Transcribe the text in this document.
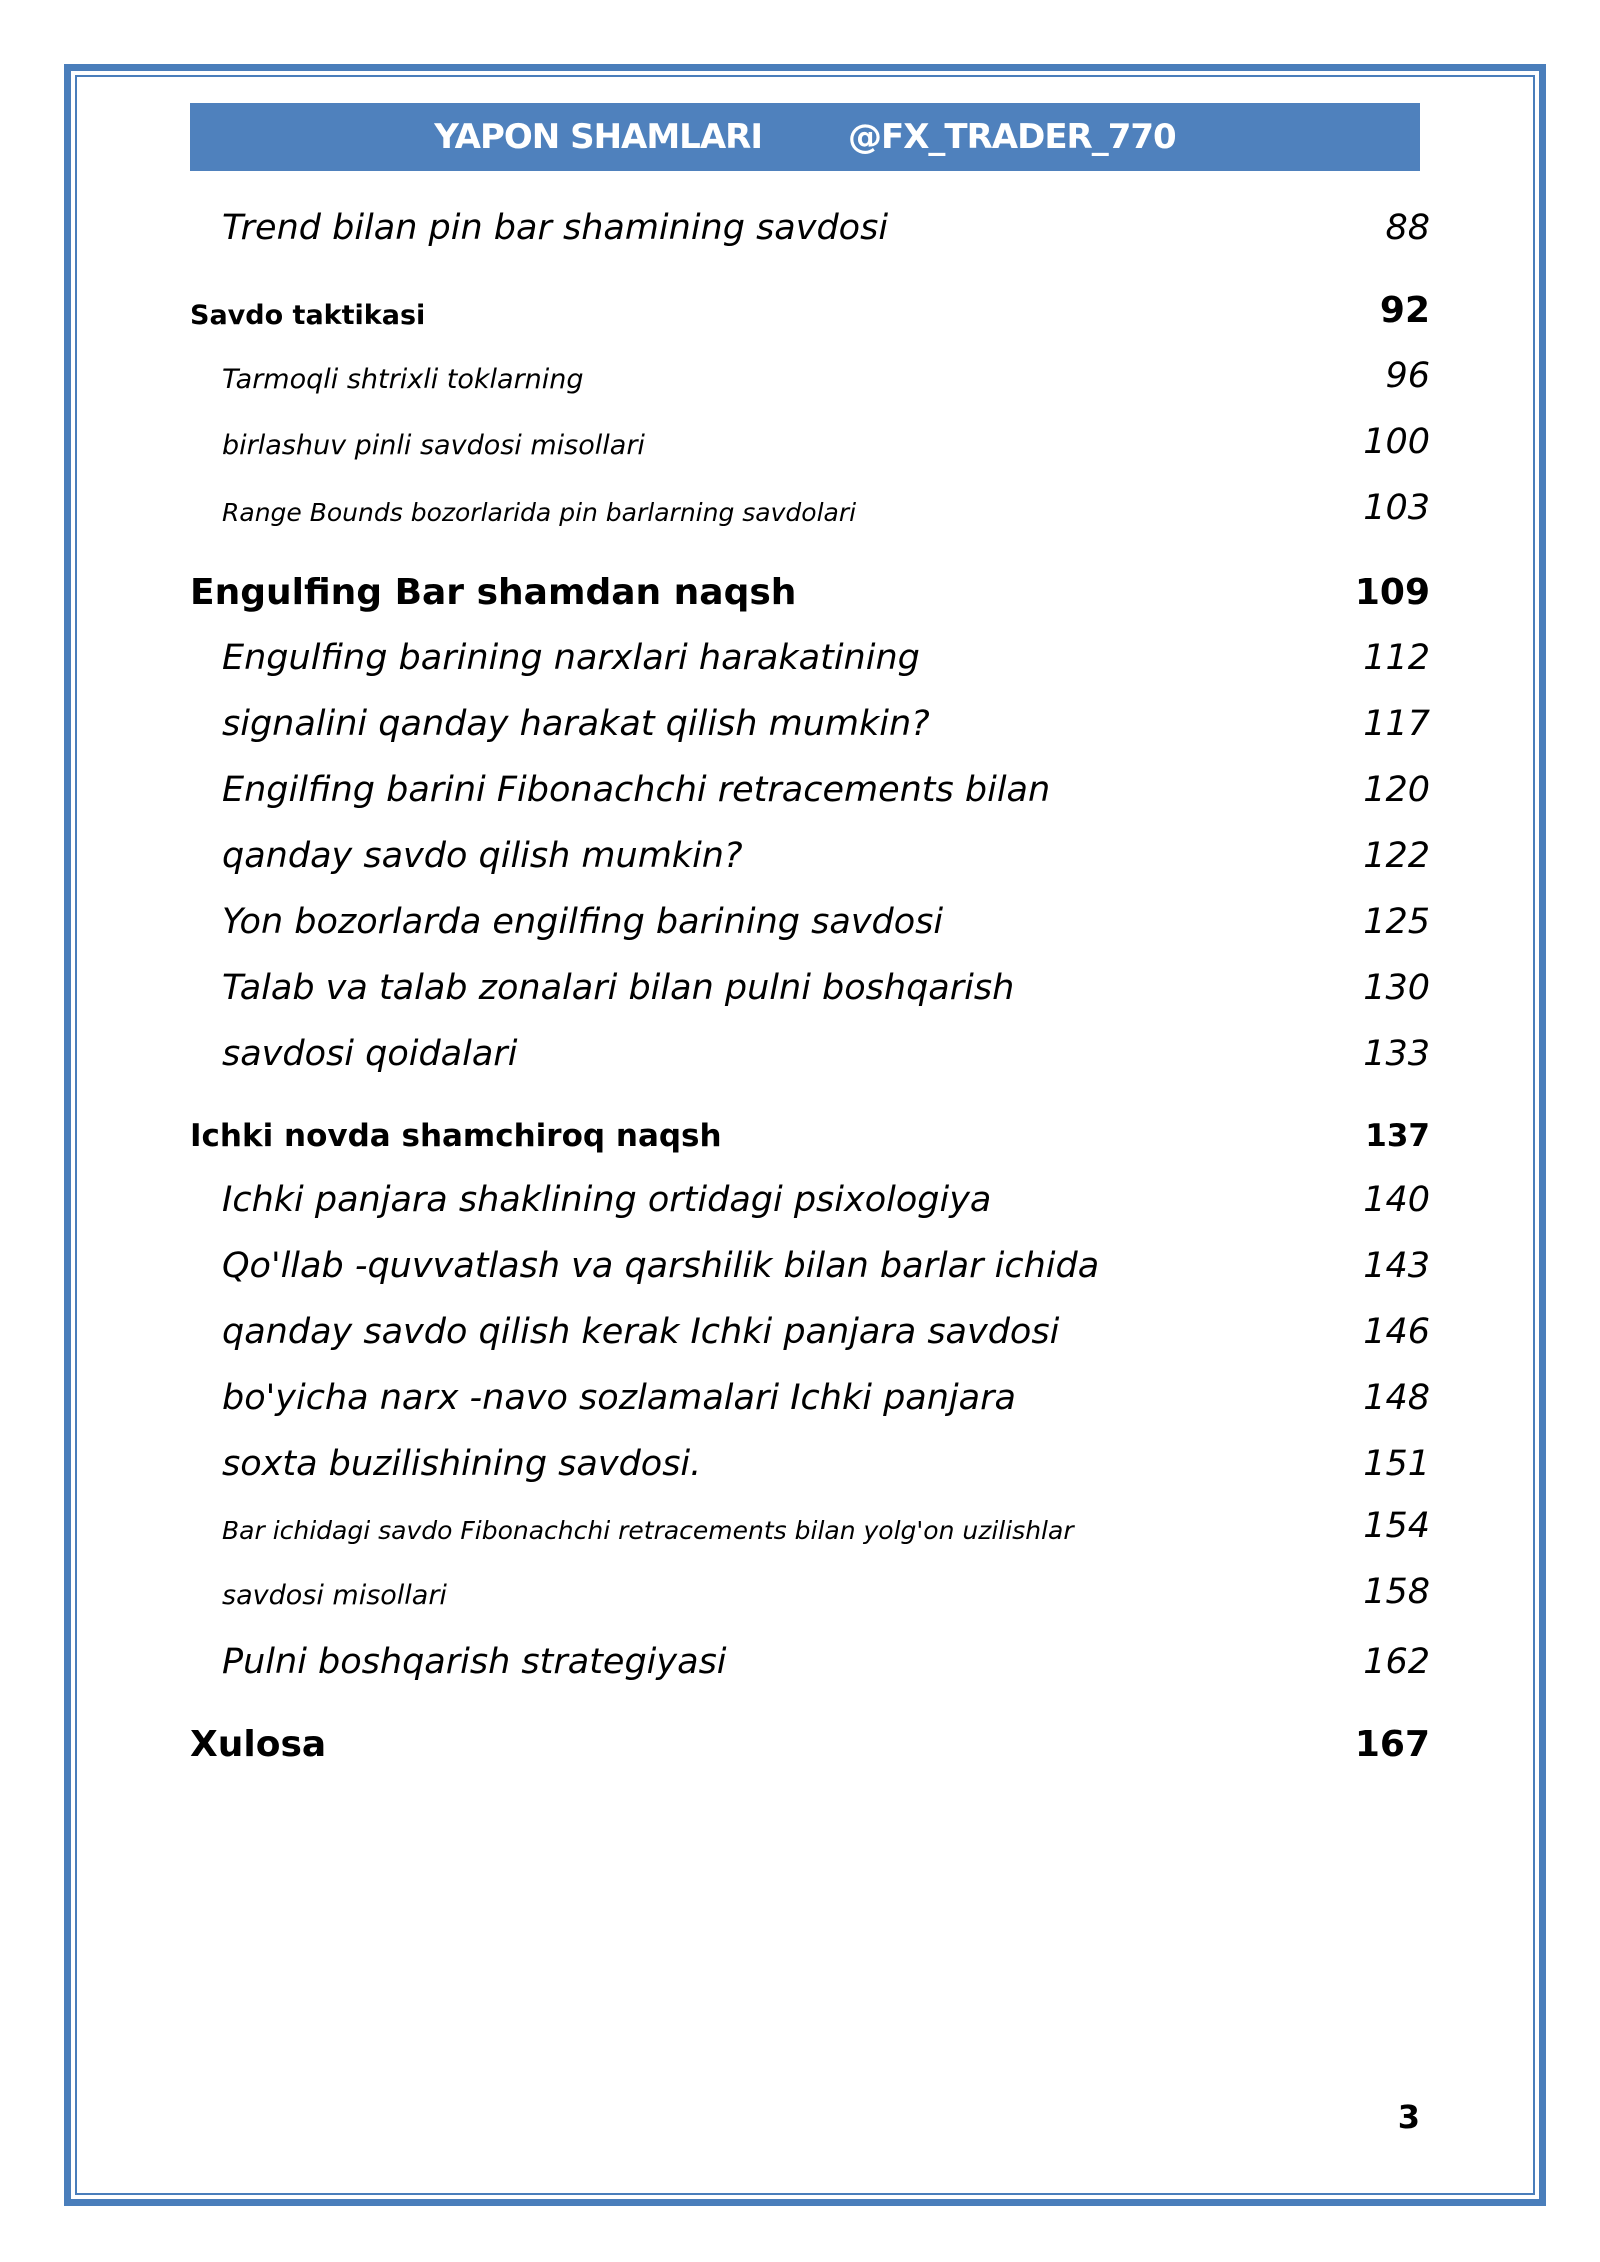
YAPON SHAMLARI	@FX_TRADER_770
Trend bilan pin bar shamining savdosi	88
Savdo taktikasi	92
Tarmoqli shtrixli toklarning	96
birlashuv pinli savdosi misollari	100
Range Bounds bozorlarida pin barlarning savdolari	103
Engulfing Bar shamdan naqsh	109
Engulfing barining narxlari harakatining	112
signalini qanday harakat qilish mumkin?	117
Engilfing barini Fibonachchi retracements bilan	120
qanday savdo qilish mumkin?	122
Yon bozorlarda engilfing barining savdosi	125
Talab va talab zonalari bilan pulni boshqarish	130
savdosi qoidalari	133
Ichki novda shamchiroq naqsh	137
Ichki panjara shaklining ortidagi psixologiya	140
Qo'llab -quvvatlash va qarshilik bilan barlar ichida	143
qanday savdo qilish kerak Ichki panjara savdosi	146
bo'yicha narx -navo sozlamalari Ichki panjara	148
soxta buzilishining savdosi.	151
Bar ichidagi savdo Fibonachchi retracements bilan yolg'on uzilishlar	154
savdosi misollari	158
Pulni boshqarish strategiyasi	162
Xulosa	167
3
